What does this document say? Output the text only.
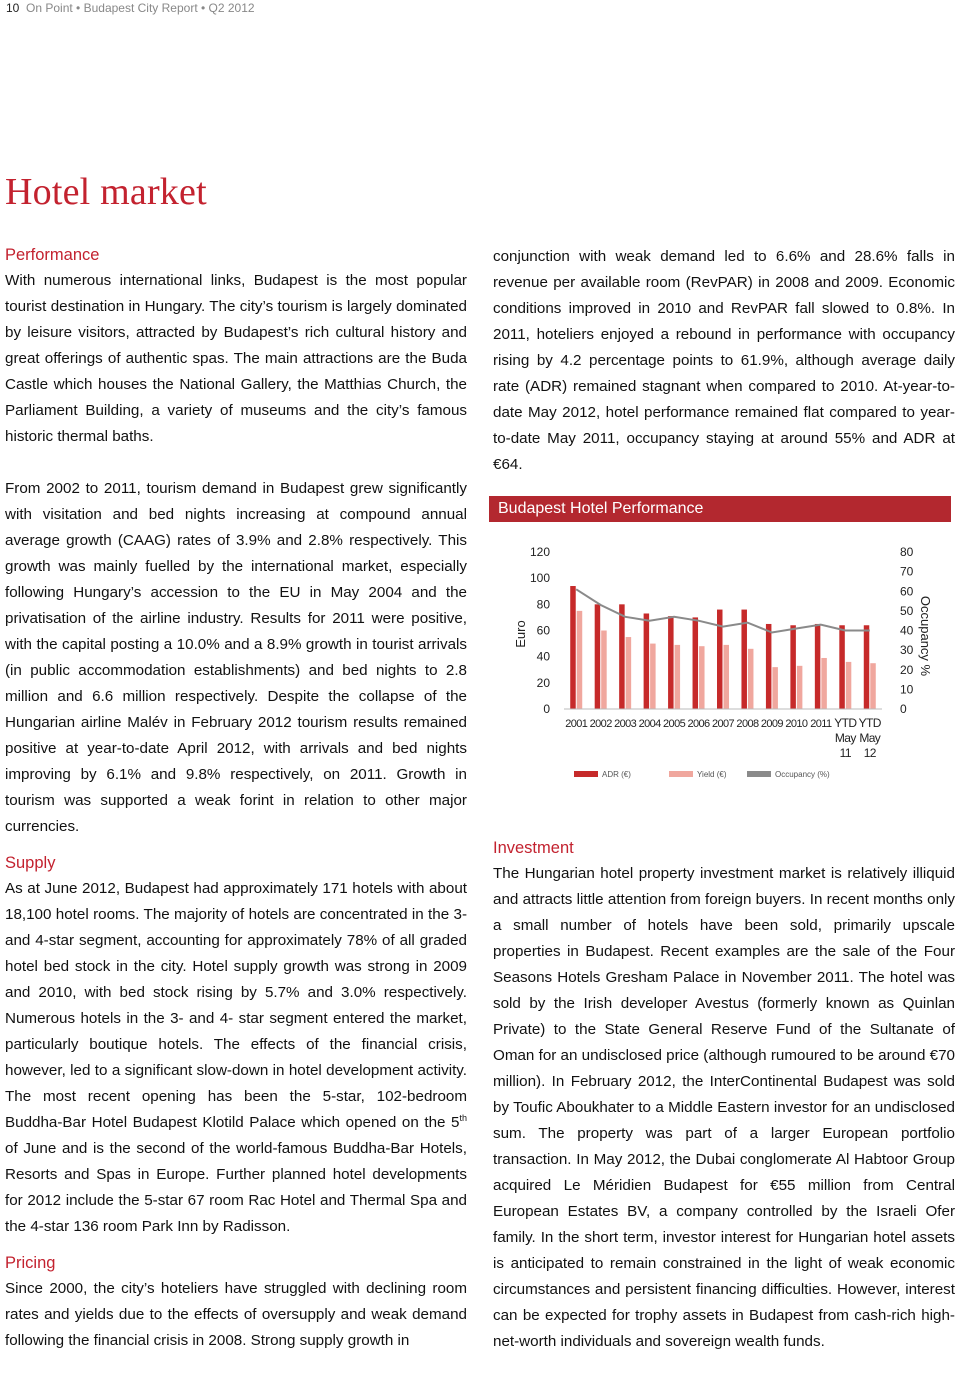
10 On Point • Budapest City Report • Q2 2012
Hotel market
Performance

With numerous international links, Budapest is the most popular tourist destination in Hungary. The city’s tourism is largely dominated by leisure visitors, attracted by Budapest’s rich cultural history and great offerings of authentic spas. The main attractions are the Buda Castle which houses the National Gallery, the Matthias Church, the Parliament Building, a variety of museums and the city’s famous historic thermal baths.

From 2002 to 2011, tourism demand in Budapest grew significantly with visitation and bed nights increasing at compound annual average growth (CAAG) rates of 3.9% and 2.8% respectively. This growth was mainly fuelled by the international market, especially following Hungary’s accession to the EU in May 2004 and the privatisation of the airline industry. Results for 2011 were positive, with the capital posting a 10.0% and a 8.9% growth in tourist arrivals (in public accommodation establishments) and bed nights to 2.8 million and 6.6 million respectively. Despite the collapse of the Hungarian airline Malév in February 2012 tourism results remained positive at year-to-date April 2012, with arrivals and bed nights improving by 6.1% and 9.8% respectively, on 2011. Growth in tourism was supported a weak forint in relation to other major currencies.

Supply

As at June 2012, Budapest had approximately 171 hotels with about 18,100 hotel rooms. The majority of hotels are concentrated in the 3- and 4-star segment, accounting for approximately 78% of all graded hotel bed stock in the city. Hotel supply growth was strong in 2009 and 2010, with bed stock rising by 5.7% and 3.0% respectively. Numerous hotels in the 3- and 4- star segment entered the market, particularly boutique hotels. The effects of the financial crisis, however, led to a significant slow-down in hotel development activity. The most recent opening has been the 5-star, 102-bedroom Buddha-Bar Hotel Budapest Klotild Palace which opened on the 5th of June and is the second of the world-famous Buddha-Bar Hotels, Resorts and Spas in Europe. Further planned hotel developments for 2012 include the 5-star 67 room Rac Hotel and Thermal Spa and the 4-star 136 room Park Inn by Radisson.

Pricing

Since 2000, the city’s hoteliers have struggled with declining room rates and yields due to the effects of oversupply and weak demand following the financial crisis in 2008. Strong supply growth in

conjunction with weak demand led to 6.6% and 28.6% falls in revenue per available room (RevPAR) in 2008 and 2009. Economic conditions improved in 2010 and RevPAR fall slowed to 0.8%. In 2011, hoteliers enjoyed a rebound in performance with occupancy rising by 4.2 percentage points to 61.9%, although average daily rate (ADR) remained stagnant when compared to 2010. At-year-to-date May 2012, hotel performance remained flat compared to year-to-date May 2011, occupancy staying at around 55% and ADR at €64.

Budapest Hotel Performance
0
20
40
60
80
100
120
0
10
20
30
40
50
60
70
80
Euro	Occupancy %
2001 2002 2003 2004 2005 2006 2007 2008 2009 2010 2011 YTD
May
11
YTD
May
12
ADR (€)	Yield (€)	Occupancy (%)
Investment

The Hungarian hotel property investment market is relatively illiquid and attracts little attention from foreign buyers. In recent months only a small number of hotels have been sold, primarily upscale properties in Budapest. Recent examples are the sale of the Four Seasons Hotels Gresham Palace in November 2011. The hotel was sold by the Irish developer Avestus (formerly known as Quinlan Private) to the State General Reserve Fund of the Sultanate of Oman for an undisclosed price (although rumoured to be around €70 million). In February 2012, the InterContinental Budapest was sold by Toufic Aboukhater to a Middle Eastern investor for an undisclosed sum. The property was part of a larger European portfolio transaction. In May 2012, the Dubai conglomerate Al Habtoor Group acquired Le Méridien Budapest for €55 million from Central European Estates BV, a company controlled by the Israeli Ofer family. In the short term, investor interest for Hungarian hotel assets is anticipated to remain constrained in the light of weak economic circumstances and persistent financing difficulties. However, interest can be expected for trophy assets in Budapest from cash-rich high-net-worth individuals and sovereign wealth funds.
